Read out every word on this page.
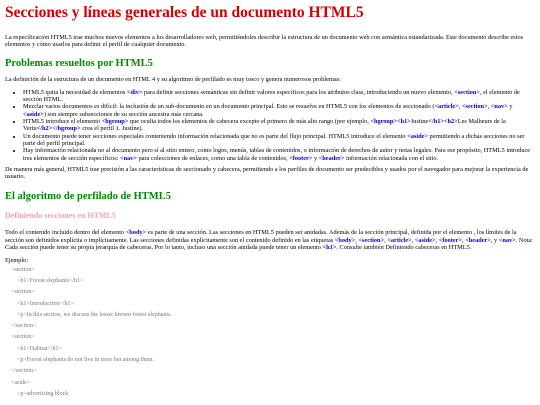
Secciones y líneas generales de un documento HTML5

La especificación HTML5 trae muchos nuevos elementos a los desarrolladores web, permitiéndoles describir la estructura de un documento web con semántica estandarizada. Este documento describe estos elementos y cómo usarlos para definir el perfil de cualquier documento.

Problemas resueltos por HTML5

La definición de la estructura de un documento en HTML 4 y su algoritmo de perfilado es muy tosco y genera numerosos problemas:

• HTML5 quita la necesidad de elementos <div> para definir secciones semánticas sin definir valores específicos para los atributos class, introduciendo un nuevo elemento, <section>, el elemento de sección HTML.
• Mezclar varios documentos es difícil: la inclusión de un sub-documento en un documento principal. Esto se resuelve en HTML5 con los elementos de seccionado (<article>, <section>, <nav> y <aside>) son siempre subsecciones de su sección ancestra más cercana.
• HTML5 introduce el elemento <hgroup> que oculta todos los elementos de cabecera excepto el primero de más alto rango (por ejemplo, <hgroup><h1>Justine</h1><h2>Les Malheurs de la Vertu</h2></hgroup> crea el perfil 1. Justine).
• Un documento puede tener secciones especiales conteniendo información relacionada que no es parte del flujo principal. HTML5 introduce el elemento <aside> permitiendo a dichas secciones no ser parte del perfil principal.
• Hay información relacionada no al documento pero sí al sitio entero, como logos, menús, tablas de contenidos, o información de derechos de autor y notas legales. Para ese propósito, HTML5 introduce tres elementos de sección específicos: <nav> para colecciones de enlaces, como una tabla de contenidos, <footer> y <header> información relacionada con el sitio.

De manera más general, HTML5 trae precisión a las características de seccionado y cabecera, permitiendo a los perfiles de documento ser predecibles y usados por el navegador para mejorar la experiencia de usuario.

El algoritmo de perfilado de HTML5
Definiendo secciones en HTML5

Todo el contenido incluido dentro del elemento <body> es parte de una sección. Las secciones en HTML5 pueden ser anidadas. Además de la sección principal, definida por el elemento , los límites de la sección son definidos explícita o implícitamente. Las secciones definidas explícitamente son el contenido definido en las etiquetas <body>, <section>, <article>, <aside>, <footer>, <header>, y <nav>. Nota: Cada sección puede tener su propia jerarquía de cabeceras. Por lo tanto, incluso una sección anidada puede tener un elemento <h1>. Consulte también Definiendo cabeceras en HTML5.

Ejemplo:

<section>
<h1>Forest elephants</h1>
<section>
<h1>Introduction</h1>
<p>In this section, we discuss the lesser known forest elephants.
</section>
<section>
<h1>Habitat</h1>
<p>Forest elephants do not live in trees but among them.
</section>
<aside>
<p>advertising block
